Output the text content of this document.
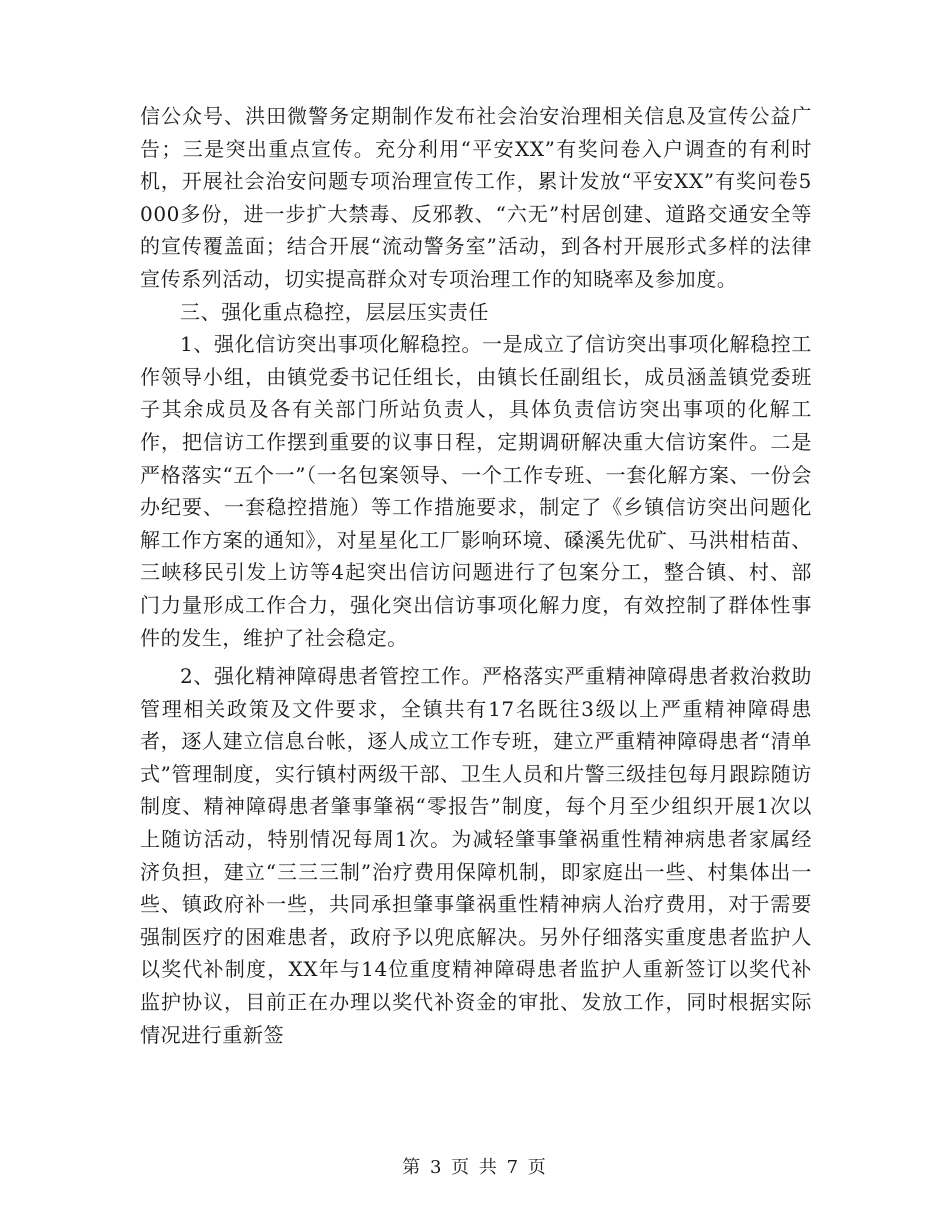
信公众号、洪田微警务定期制作发布社会治安治理相关信息及宣传公益广告；三是突出重点宣传。充分利用“平安XX”有奖问卷入户调查的有利时机，开展社会治安问题专项治理宣传工作，累计发放“平安XX”有奖问卷5000多份，进一步扩大禁毒、反邪教、“六无”村居创建、道路交通安全等的宣传覆盖面；结合开展“流动警务室”活动，到各村开展形式多样的法律宣传系列活动，切实提高群众对专项治理工作的知晓率及参加度。

三、强化重点稳控，层层压实责任

1、强化信访突出事项化解稳控。一是成立了信访突出事项化解稳控工作领导小组，由镇党委书记任组长，由镇长任副组长，成员涵盖镇党委班子其余成员及各有关部门所站负责人，具体负责信访突出事项的化解工作，把信访工作摆到重要的议事日程，定期调研解决重大信访案件。二是严格落实“五个一”（一名包案领导、一个工作专班、一套化解方案、一份会办纪要、一套稳控措施）等工作措施要求，制定了《乡镇信访突出问题化解工作方案的通知》，对星星化工厂影响环境、磉溪先优矿、马洪柑桔苗、三峡移民引发上访等4起突出信访问题进行了包案分工，整合镇、村、部门力量形成工作合力，强化突出信访事项化解力度，有效控制了群体性事件的发生，维护了社会稳定。

2、强化精神障碍患者管控工作。严格落实严重精神障碍患者救治救助管理相关政策及文件要求，全镇共有17名既往3级以上严重精神障碍患者，逐人建立信息台帐，逐人成立工作专班，建立严重精神障碍患者“清单式”管理制度，实行镇村两级干部、卫生人员和片警三级挂包每月跟踪随访制度、精神障碍患者肇事肇祸“零报告”制度，每个月至少组织开展1次以上随访活动，特别情况每周1次。为减轻肇事肇祸重性精神病患者家属经济负担，建立“三三三制”治疗费用保障机制，即家庭出一些、村集体出一些、镇政府补一些，共同承担肇事肇祸重性精神病人治疗费用，对于需要强制医疗的困难患者，政府予以兜底解决。另外仔细落实重度患者监护人以奖代补制度，XX年与14位重度精神障碍患者监护人重新签订以奖代补监护协议，目前正在办理以奖代补资金的审批、发放工作，同时根据实际情况进行重新签

第 3 页 共 7 页
